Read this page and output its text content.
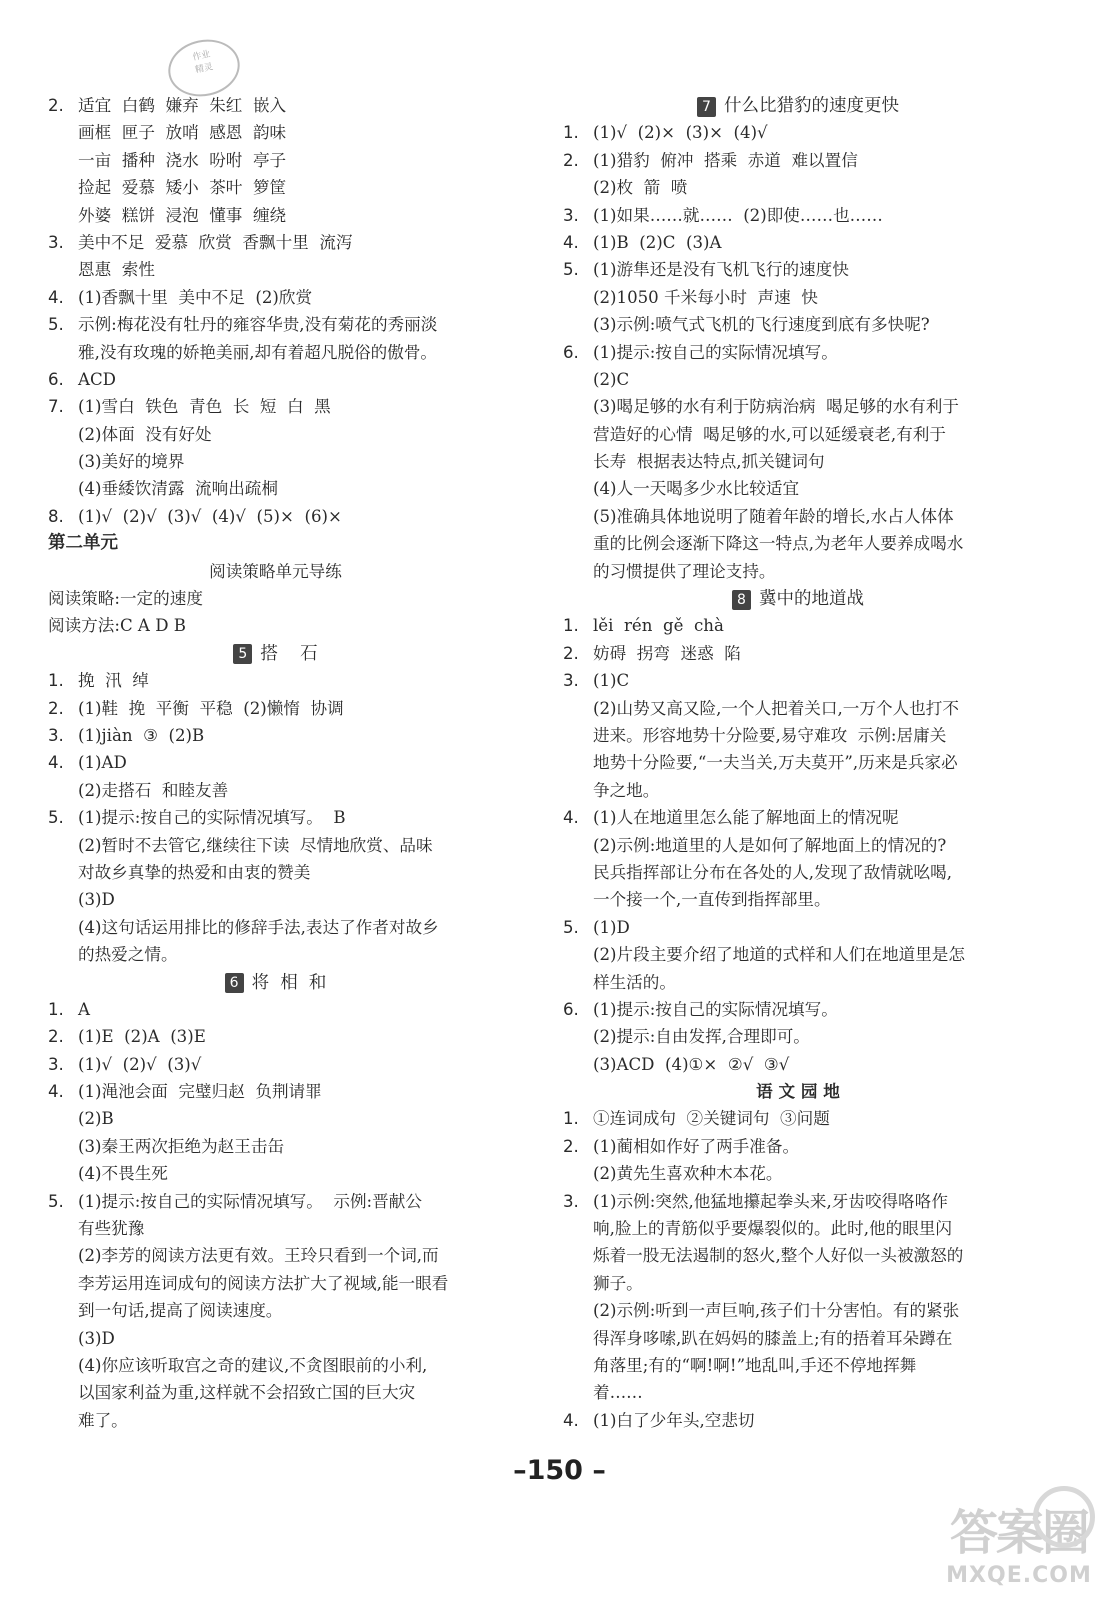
作业
精灵
2. 适宜  白鹤  嫌弃  朱红  嵌入
画框  匣子  放哨  感恩  韵味
一亩  播种  浇水  吩咐  亭子
捡起  爱慕  矮小  茶叶  箩筐
外婆  糕饼  浸泡  懂事  缠绕
3. 美中不足  爱慕  欣赏  香飘十里  流泻
恩惠  索性
4. (1)香飘十里  美中不足  (2)欣赏
5. 示例:梅花没有牡丹的雍容华贵,没有菊花的秀丽淡
雅,没有玫瑰的娇艳美丽,却有着超凡脱俗的傲骨。
6. ACD
7. (1)雪白  铁色  青色  长  短  白  黑
(2)体面  没有好处
(3)美好的境界
(4)垂緌饮清露  流响出疏桐
8. (1)√  (2)√  (3)√  (4)√  (5)×  (6)×
第二单元
阅读策略单元导练
阅读策略:一定的速度
阅读方法:C A D B
5 搭    石
1. 挽  汛  绰
2. (1)鞋  挽  平衡  平稳  (2)懒惰  协调
3. (1)jiàn  ③  (2)B
4. (1)AD
(2)走搭石  和睦友善
5. (1)提示:按自己的实际情况填写。  B
(2)暂时不去管它,继续往下读  尽情地欣赏、品味
对故乡真挚的热爱和由衷的赞美
(3)D
(4)这句话运用排比的修辞手法,表达了作者对故乡
的热爱之情。
6 将  相  和
1. A
2. (1)E  (2)A  (3)E
3. (1)√  (2)√  (3)√
4. (1)渑池会面  完璧归赵  负荆请罪
(2)B
(3)秦王两次拒绝为赵王击缶
(4)不畏生死
5. (1)提示:按自己的实际情况填写。  示例:晋献公
有些犹豫
(2)李芳的阅读方法更有效。王玲只看到一个词,而
李芳运用连词成句的阅读方法扩大了视域,能一眼看
到一句话,提高了阅读速度。
(3)D
(4)你应该听取宫之奇的建议,不贪图眼前的小利,
以国家利益为重,这样就不会招致亡国的巨大灾
难了。
7 什么比猎豹的速度更快
1. (1)√  (2)×  (3)×  (4)√
2. (1)猎豹  俯冲  搭乘  赤道  难以置信
(2)枚  箭  喷
3. (1)如果……就……  (2)即使……也……
4. (1)B  (2)C  (3)A
5. (1)游隼还是没有飞机飞行的速度快
(2)1050 千米每小时  声速  快
(3)示例:喷气式飞机的飞行速度到底有多快呢?
6. (1)提示:按自己的实际情况填写。
(2)C
(3)喝足够的水有利于防病治病  喝足够的水有利于
营造好的心情  喝足够的水,可以延缓衰老,有利于
长寿  根据表达特点,抓关键词句
(4)人一天喝多少水比较适宜
(5)准确具体地说明了随着年龄的增长,水占人体体
重的比例会逐渐下降这一特点,为老年人要养成喝水
的习惯提供了理论支持。
8 冀中的地道战
1. lěi  rén  gě  chà
2. 妨碍  拐弯  迷惑  陷
3. (1)C
(2)山势又高又险,一个人把着关口,一万个人也打不
进来。形容地势十分险要,易守难攻  示例:居庸关
地势十分险要,“一夫当关,万夫莫开”,历来是兵家必
争之地。
4. (1)人在地道里怎么能了解地面上的情况呢
(2)示例:地道里的人是如何了解地面上的情况的?
民兵指挥部让分布在各处的人,发现了敌情就吆喝,
一个接一个,一直传到指挥部里。
5. (1)D
(2)片段主要介绍了地道的式样和人们在地道里是怎
样生活的。
6. (1)提示:按自己的实际情况填写。
(2)提示:自由发挥,合理即可。
(3)ACD  (4)①×  ②√  ③√
语 文 园 地
1. ①连词成句  ②关键词句  ③问题
2. (1)蔺相如作好了两手准备。
(2)黄先生喜欢种木本花。
3. (1)示例:突然,他猛地攥起拳头来,牙齿咬得咯咯作
响,脸上的青筋似乎要爆裂似的。此时,他的眼里闪
烁着一股无法遏制的怒火,整个人好似一头被激怒的
狮子。
(2)示例:听到一声巨响,孩子们十分害怕。有的紧张
得浑身哆嗦,趴在妈妈的膝盖上;有的捂着耳朵蹲在
角落里;有的“啊!啊!”地乱叫,手还不停地挥舞
着……
4. (1)白了少年头,空悲切
–150 –
答案圈
MXQE.COM
